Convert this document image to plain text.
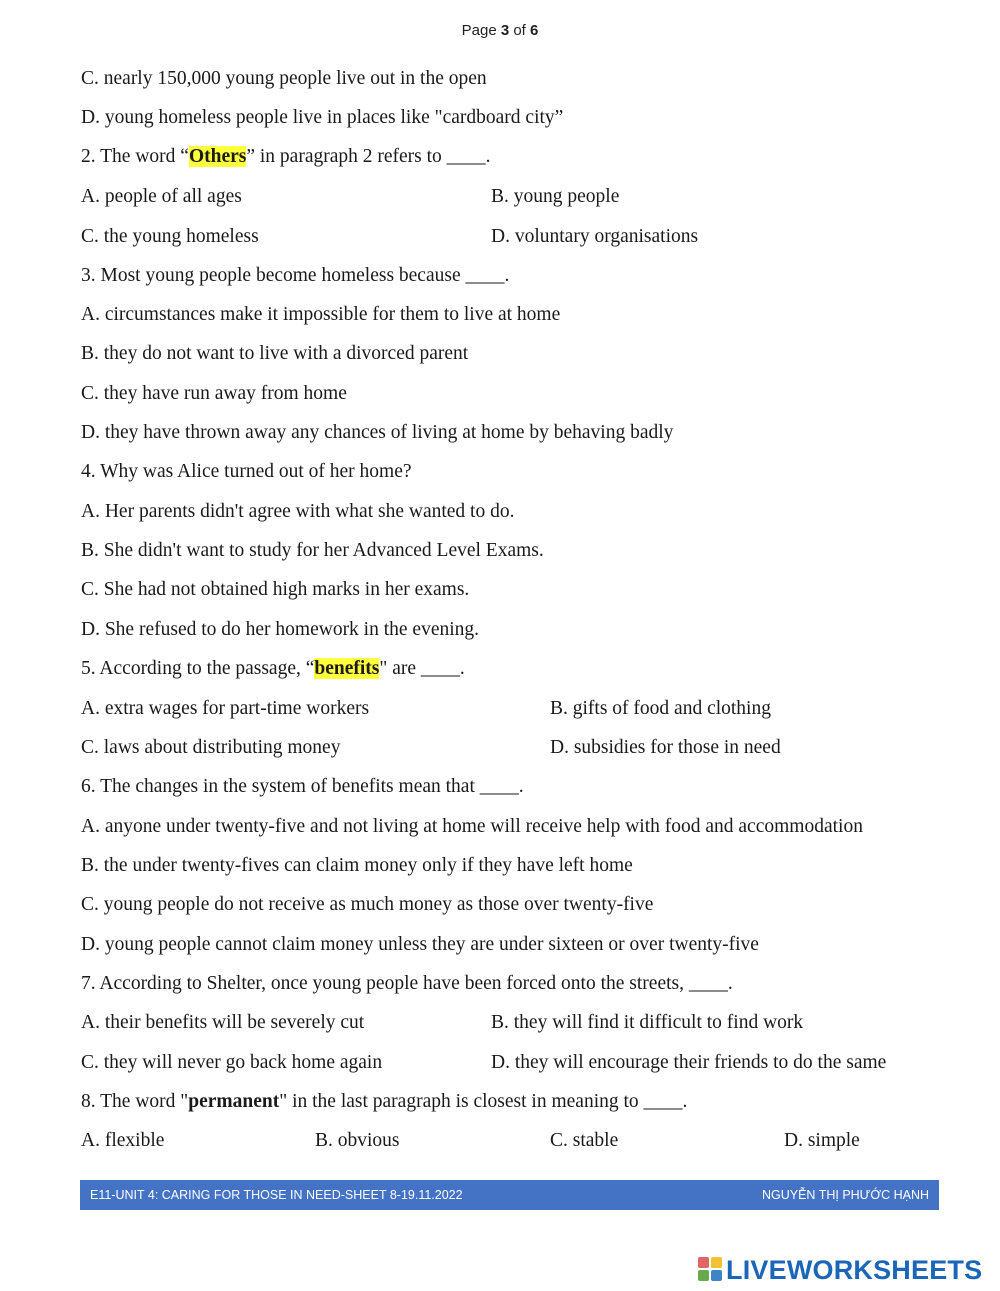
Page 3 of 6
C. nearly 150,000 young people live out in the open
D. young homeless people live in places like "cardboard city”
2. The word “Others” in paragraph 2 refers to ____.
A. people of all ages	B. young people
C. the young homeless	D. voluntary organisations
3. Most young people become homeless because ____.
A. circumstances make it impossible for them to live at home
B. they do not want to live with a divorced parent
C. they have run away from home
D. they have thrown away any chances of living at home by behaving badly
4. Why was Alice turned out of her home?
A. Her parents didn't agree with what she wanted to do.
B. She didn't want to study for her Advanced Level Exams.
C. She had not obtained high marks in her exams.
D. She refused to do her homework in the evening.
5. According to the passage, “benefits" are ____.
A. extra wages for part-time workers	B. gifts of food and clothing
C. laws about distributing money	D. subsidies for those in need
6. The changes in the system of benefits mean that ____.
A. anyone under twenty-five and not living at home will receive help with food and accommodation
B. the under twenty-fives can claim money only if they have left home
C. young people do not receive as much money as those over twenty-five
D. young people cannot claim money unless they are under sixteen or over twenty-five
7. According to Shelter, once young people have been forced onto the streets, ____.
A. their benefits will be severely cut	B. they will find it difficult to find work
C. they will never go back home again	D. they will encourage their friends to do the same
8. The word "permanent" in the last paragraph is closest in meaning to ____.
A. flexible	B. obvious	C. stable	D. simple
E11-UNIT 4: CARING FOR THOSE IN NEED-SHEET 8-19.11.2022	NGUYỄN THỊ PHƯỚC HẠNH
LIVEWORKSHEETS
